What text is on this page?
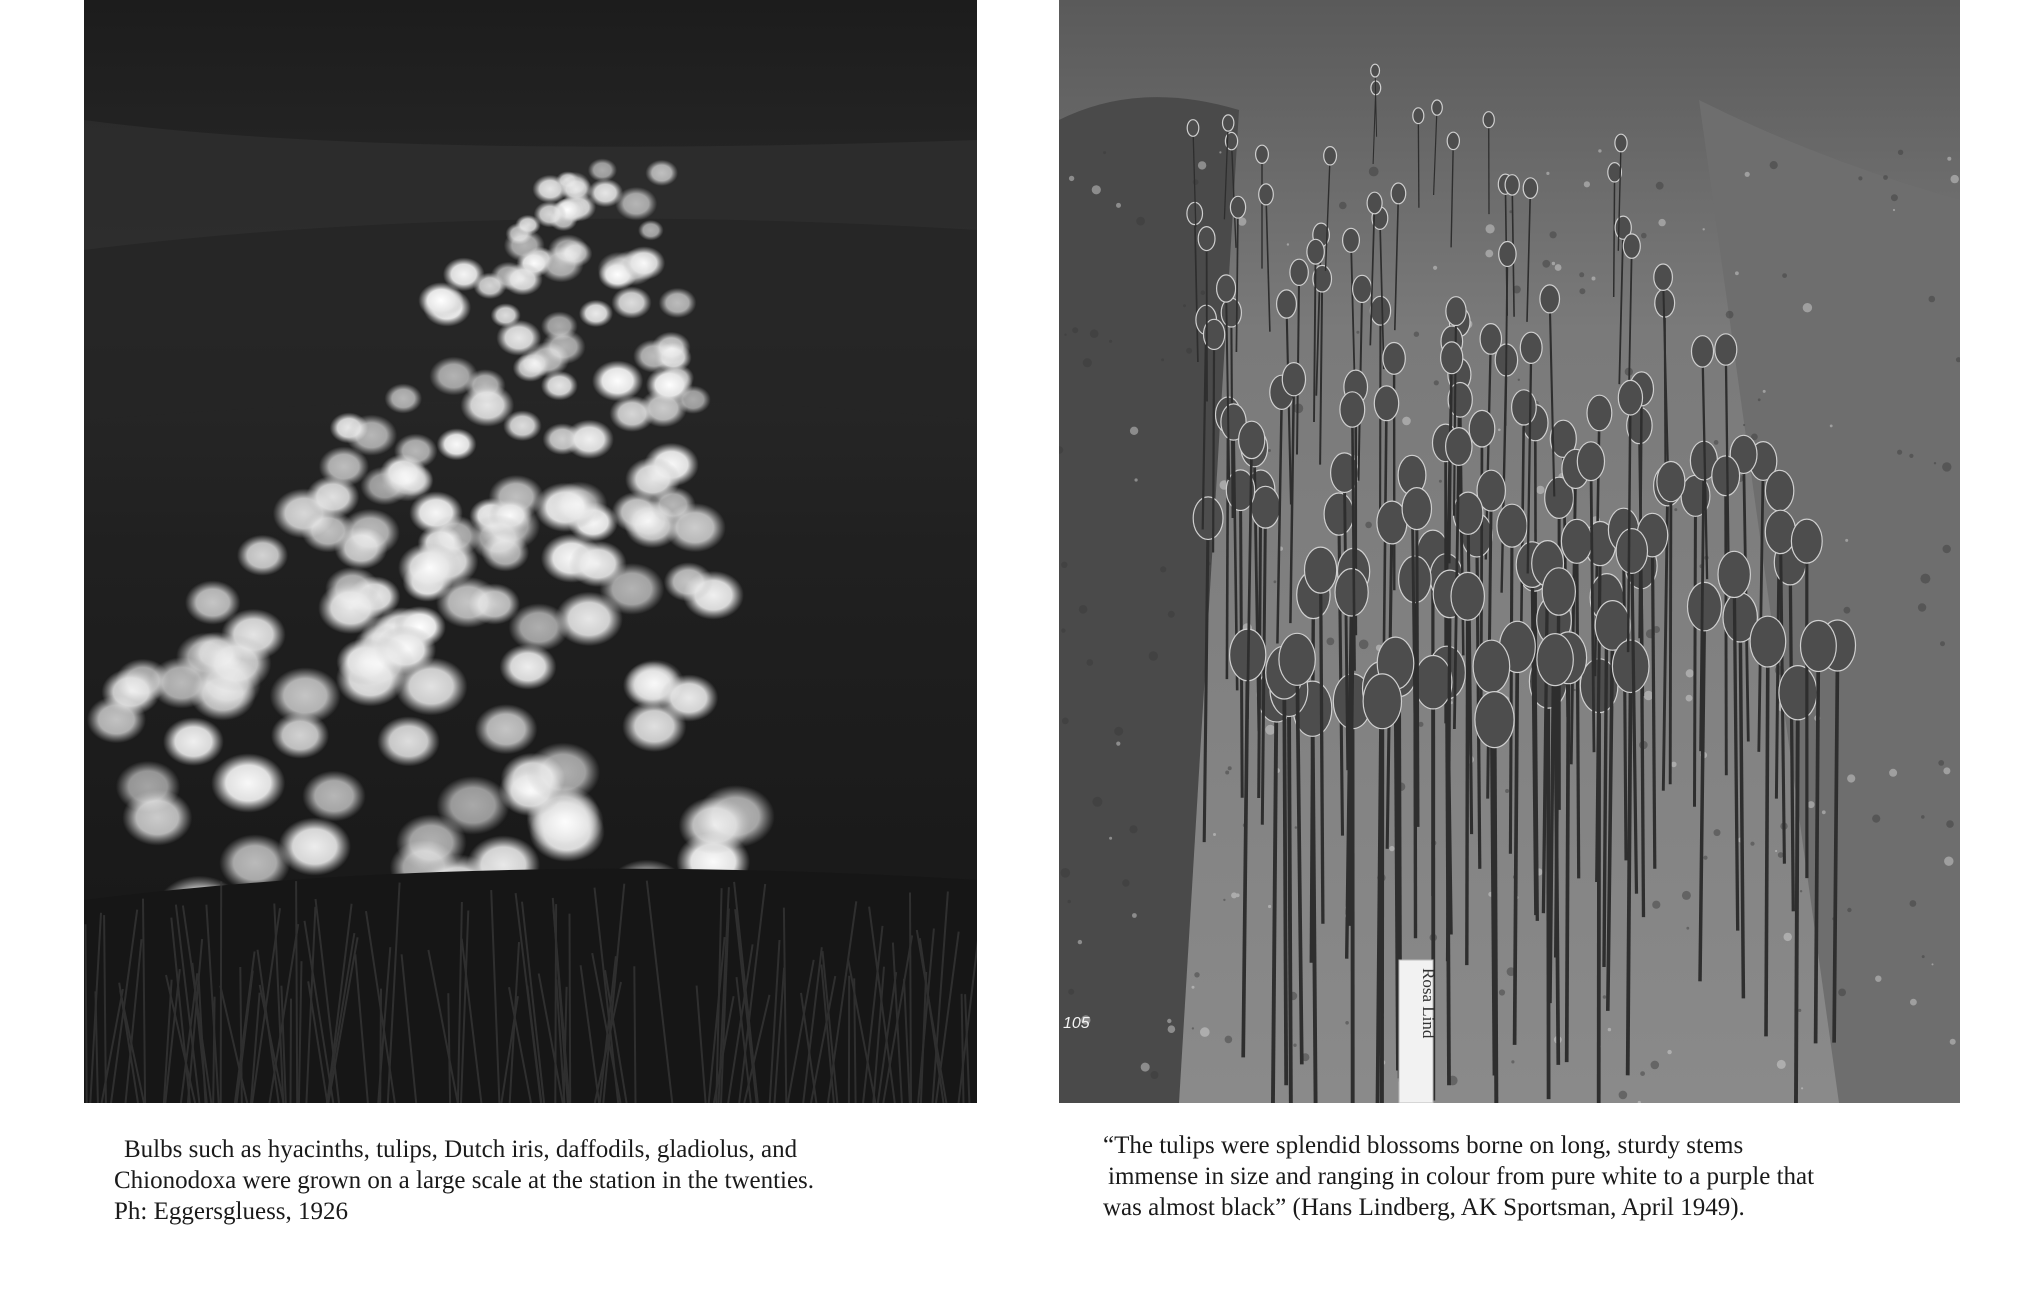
Rosa Lind
105
Bulbs such as hyacinths, tulips, Dutch iris, daffodils, gladiolus, and
Chionodoxa were grown on a large scale at the station in the twenties.
Ph: Eggersgluess, 1926
“The tulips were splendid blossoms borne on long, sturdy stems
immense in size and ranging in colour from pure white to a purple that
was almost black” (Hans Lindberg, AK Sportsman, April 1949).
